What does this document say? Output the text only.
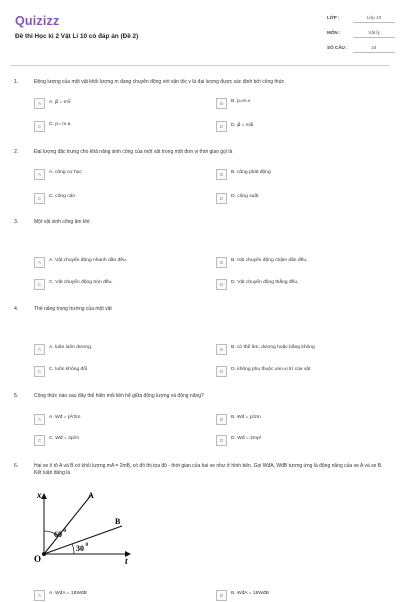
Quizizz
Đề thi Học kì 2 Vật Lí 10 có đáp án (Đề 2)
LỚP :	Lớp 10
MÔN :	Vật lý
SỐ CÂU :	24
1.	Động lượng của một vật khối lượng m đang chuyển động với vận tốc v là đại lượng được xác định bởi công thức
A	A. p⃗ = mv⃗	B	B. p=m.v
C	C. p= m.a	D	D. p⃗ = ma⃗
2.	Đại lượng đặc trưng cho khả năng sinh công của một vật trong một đơn vị thời gian gọi là
A	A. công cơ học	B	B. công phát động
C	C. công cản	D	D. công suất
3.	Một vật sinh công âm khi:
A	A. Vật chuyển động nhanh dần đều.	B	B. Vật chuyển động chậm dần đều.
C	C. Vật chuyển động tròn đều.	D	D. Vật chuyển động thẳng đều.
4.	Thế năng trọng trường của một vật
A	A. luôn luôn dương.	B	B. có thể âm, dương hoặc bằng không
C	C. luôn không đổi	D	D. không phụ thuộc vào vị trí của vật
5.	Công thức nào sau đây thể hiện mối liên hệ giữa động lượng và động năng?
A	A. Wđ = p²/2m	B	B. Wđ = p/2m
C	C. Wđ = 2p/m	D	D. Wđ = 2mp²
6.	Hai xe ô tô A và B có khối lượng mA = 2mB, có đồ thị tọa độ - thời gian của hai xe như ở hình bên. Gọi WđA, WđB tương ứng là động năng của xe A và xe B. Kết luận đúng là
x
t
O
A
B
60 0
30 0
A	A. WđA = 18WđB	B	B. WđA = 18WđB
